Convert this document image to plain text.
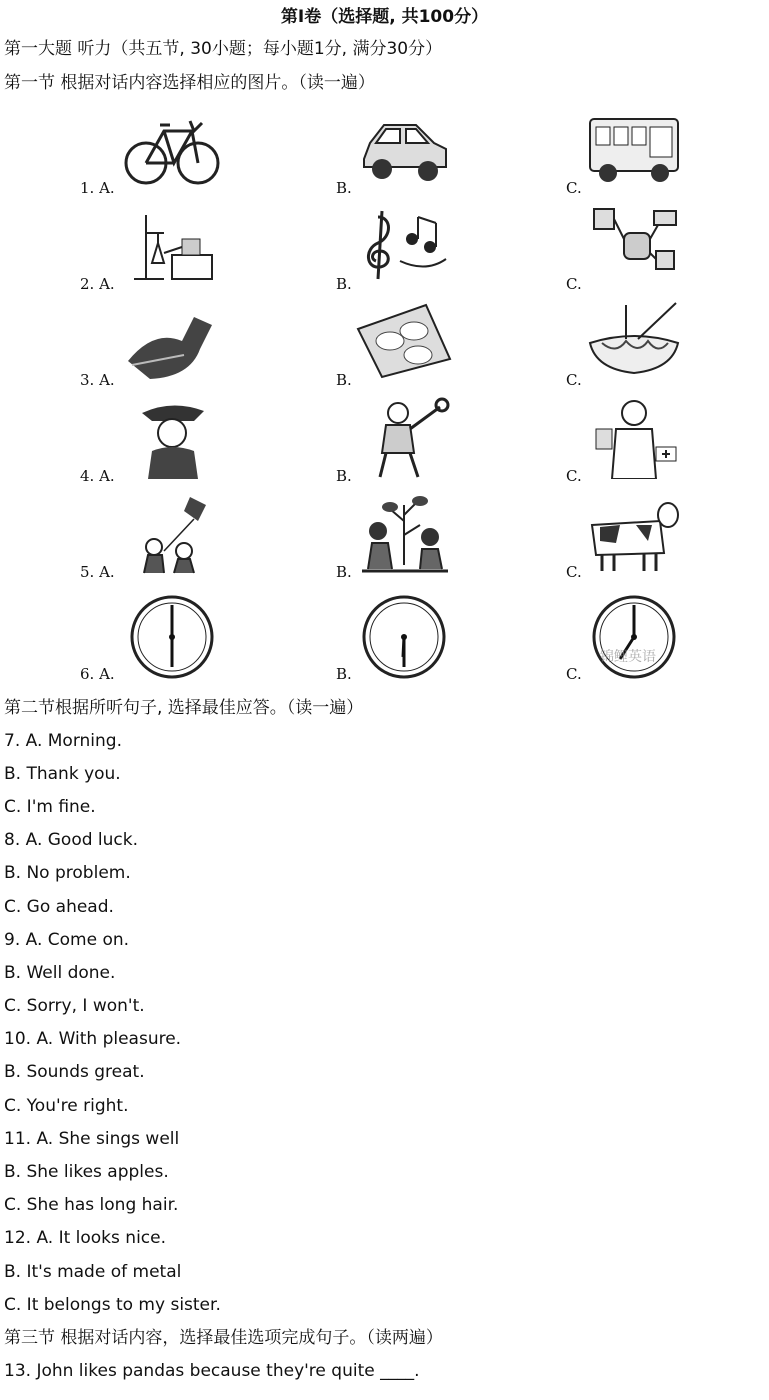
第I卷（选择题, 共100分）
第一大题 听力（共五节, 30小题；每小题1分, 满分30分）
第一节 根据对话内容选择相应的图片。（读一遍）
1. A.	B.	C.
2. A.	B.	C.
3. A.	B.	C.
4. A.	B.	C.
5. A.	B.	C.
6. A.	B.	C.
锦鲤英语
第二节根据所听句子, 选择最佳应答。（读一遍）
7. A. Morning.
B. Thank you.
C. I'm fine.
8. A. Good luck.
B. No problem.
C. Go ahead.
9. A. Come on.
B. Well done.
C. Sorry, I won't.
10. A. With pleasure.
B. Sounds great.
C. You're right.
11. A. She sings well
B. She likes apples.
C. She has long hair.
12. A. It looks nice.
B. It's made of metal
C. It belongs to my sister.
第三节 根据对话内容，选择最佳选项完成句子。（读两遍）
13. John likes pandas because they're quite ____.
